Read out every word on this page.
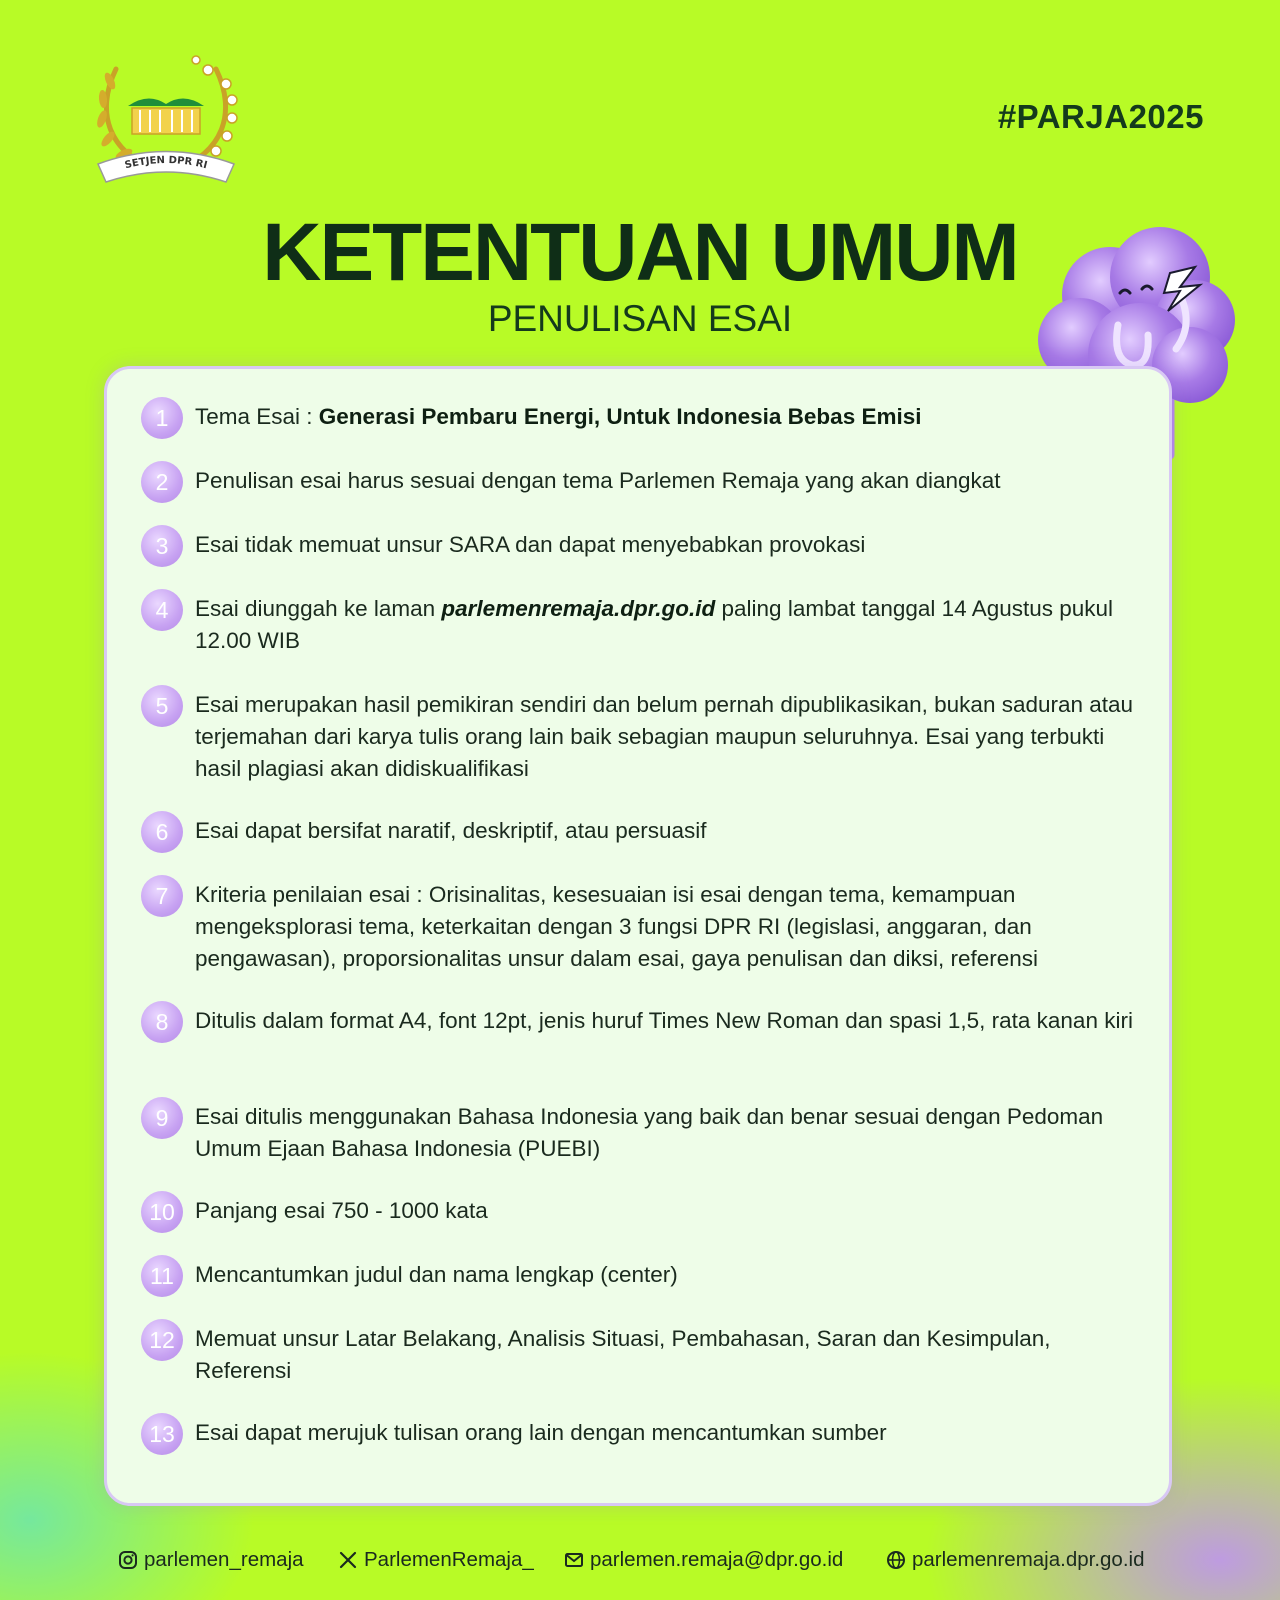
SETJEN DPR RI
#PARJA2025
KETENTUAN UMUM
PENULISAN ESAI
1	Tema Esai : Generasi Pembaru Energi, Untuk Indonesia Bebas Emisi
2	Penulisan esai harus sesuai dengan tema Parlemen Remaja yang akan diangkat
3	Esai tidak memuat unsur SARA dan dapat menyebabkan provokasi
4	Esai diunggah ke laman parlemenremaja.dpr.go.id paling lambat tanggal 14 Agustus pukul 12.00 WIB
5	Esai merupakan hasil pemikiran sendiri dan belum pernah dipublikasikan, bukan saduran atau terjemahan dari karya tulis orang lain baik sebagian maupun seluruhnya. Esai yang terbukti hasil plagiasi akan didiskualifikasi
6	Esai dapat bersifat naratif, deskriptif, atau persuasif
7	Kriteria penilaian esai : Orisinalitas, kesesuaian isi esai dengan tema, kemampuan mengeksplorasi tema, keterkaitan dengan 3 fungsi DPR RI (legislasi, anggaran, dan pengawasan), proporsionalitas unsur dalam esai, gaya penulisan dan diksi, referensi
8	Ditulis dalam format A4, font 12pt, jenis huruf Times New Roman dan spasi 1,5, rata kanan kiri
9	Esai ditulis menggunakan Bahasa Indonesia yang baik dan benar sesuai dengan Pedoman Umum Ejaan Bahasa Indonesia (PUEBI)
10 Panjang esai 750 - 1000 kata
11 Mencantumkan judul dan nama lengkap (center)
12 Memuat unsur Latar Belakang, Analisis Situasi, Pembahasan, Saran dan Kesimpulan, Referensi
13 Esai dapat merujuk tulisan orang lain dengan mencantumkan sumber
parlemen_remaja	ParlemenRemaja_	parlemen.remaja@dpr.go.id	parlemenremaja.dpr.go.id
